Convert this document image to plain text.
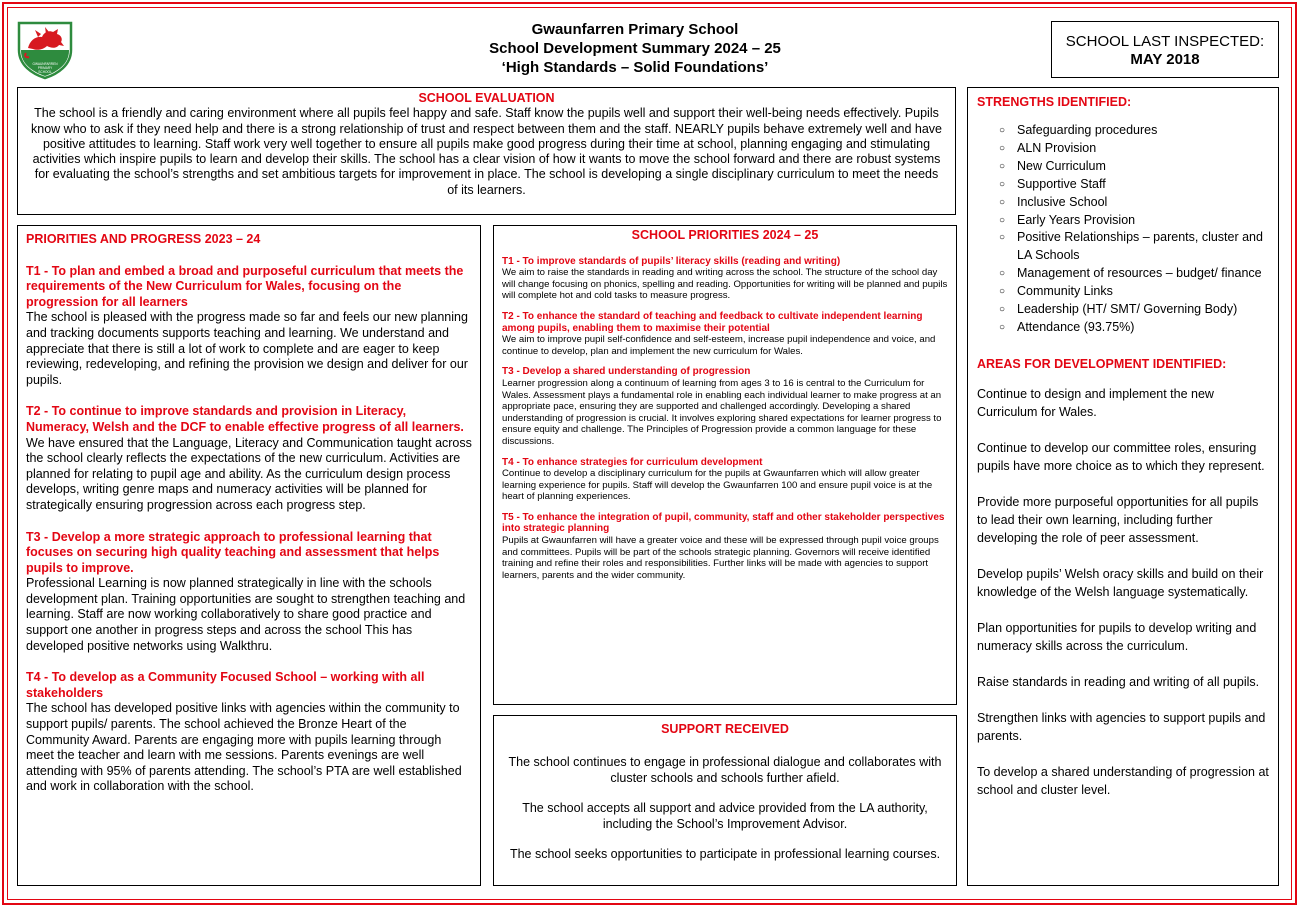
GWAUNFARREN
PRIMARY
SCHOOL
Gwaunfarren Primary School
School Development Summary 2024 – 25
‘High Standards – Solid Foundations’
SCHOOL LAST INSPECTED:
MAY 2018
SCHOOL EVALUATION
The school is a friendly and caring environment where all pupils feel happy and safe. Staff know the pupils well and support their well-being needs effectively. Pupils know who to ask if they need help and there is a strong relationship of trust and respect between them and the staff. NEARLY pupils behave extremely well and have positive attitudes to learning. Staff work very well together to ensure all pupils make good progress during their time at school, planning engaging and stimulating activities which inspire pupils to learn and develop their skills. The school has a clear vision of how it wants to move the school forward and there are robust systems for evaluating the school’s strengths and set ambitious targets for improvement in place. The school is developing a single disciplinary curriculum to meet the needs of its learners.
PRIORITIES AND PROGRESS 2023 – 24
T1 - To plan and embed a broad and purposeful curriculum that meets the requirements of the New Curriculum for Wales, focusing on the progression for all learners

The school is pleased with the progress made so far and feels our new planning and tracking documents supports teaching and learning. We understand and appreciate that there is still a lot of work to complete and are eager to keep reviewing, redeveloping, and refining the provision we design and deliver for our pupils.

T2 - To continue to improve standards and provision in Literacy, Numeracy, Welsh and the DCF to enable effective progress of all learners.

We have ensured that the Language, Literacy and Communication taught across the school clearly reflects the expectations of the new curriculum. Activities are planned for relating to pupil age and ability. As the curriculum design process develops, writing genre maps and numeracy activities will be planned for strategically ensuring progression across each progress step.

T3 - Develop a more strategic approach to professional learning that focuses on securing high quality teaching and assessment that helps pupils to improve.

Professional Learning is now planned strategically in line with the schools development plan. Training opportunities are sought to strengthen teaching and learning. Staff are now working collaboratively to share good practice and support one another in progress steps and across the school This has developed positive networks using Walkthru.

T4 - To develop as a Community Focused School – working with all stakeholders

The school has developed positive links with agencies within the community to support pupils/ parents. The school achieved the Bronze Heart of the Community Award. Parents are engaging more with pupils learning through meet the teacher and learn with me sessions. Parents evenings are well attending with 95% of parents attending. The school’s PTA are well established and work in collaboration with the school.

SCHOOL PRIORITIES 2024 – 25
T1 - To improve standards of pupils’ literacy skills (reading and writing)

We aim to raise the standards in reading and writing across the school. The structure of the school day will change focusing on phonics, spelling and reading. Opportunities for writing will be planned and pupils will complete hot and cold tasks to measure progress.

T2 - To enhance the standard of teaching and feedback to cultivate independent learning among pupils, enabling them to maximise their potential

We aim to improve pupil self-confidence and self-esteem, increase pupil independence and voice, and continue to develop, plan and implement the new curriculum for Wales.

T3 - Develop a shared understanding of progression

Learner progression along a continuum of learning from ages 3 to 16 is central to the Curriculum for Wales. Assessment plays a fundamental role in enabling each individual learner to make progress at an appropriate pace, ensuring they are supported and challenged accordingly. Developing a shared understanding of progression is crucial. It involves exploring shared expectations for learner progress to ensure equity and challenge. The Principles of Progression provide a common language for these discussions.

T4 - To enhance strategies for curriculum development

Continue to develop a disciplinary curriculum for the pupils at Gwaunfarren which will allow greater learning experience for pupils. Staff will develop the Gwaunfarren 100 and ensure pupil voice is at the heart of planning experiences.

T5 - To enhance the integration of pupil, community, staff and other stakeholder perspectives into strategic planning

Pupils at Gwaunfarren will have a greater voice and these will be expressed through pupil voice groups and committees. Pupils will be part of the schools strategic planning. Governors will receive identified training and refine their roles and responsibilities. Further links will be made with agencies to support learners, parents and the wider community.

SUPPORT RECEIVED

The school continues to engage in professional dialogue and collaborates with cluster schools and schools further afield.

The school accepts all support and advice provided from the LA authority, including the School’s Improvement Advisor.

The school seeks opportunities to participate in professional learning courses.

STRENGTHS IDENTIFIED:
○ Safeguarding procedures
○ ALN Provision
○ New Curriculum
○ Supportive Staff
○ Inclusive School
○ Early Years Provision
○ Positive Relationships – parents, cluster and LA Schools
○ Management of resources – budget/ finance
○ Community Links
○ Leadership (HT/ SMT/ Governing Body)
○ Attendance (93.75%)
AREAS FOR DEVELOPMENT IDENTIFIED:

Continue to design and implement the new Curriculum for Wales.

Continue to develop our committee roles, ensuring pupils have more choice as to which they represent.

Provide more purposeful opportunities for all pupils to lead their own learning, including further developing the role of peer assessment.

Develop pupils’ Welsh oracy skills and build on their knowledge of the Welsh language systematically.

Plan opportunities for pupils to develop writing and numeracy skills across the curriculum.

Raise standards in reading and writing of all pupils.

Strengthen links with agencies to support pupils and parents.

To develop a shared understanding of progression at school and cluster level.
